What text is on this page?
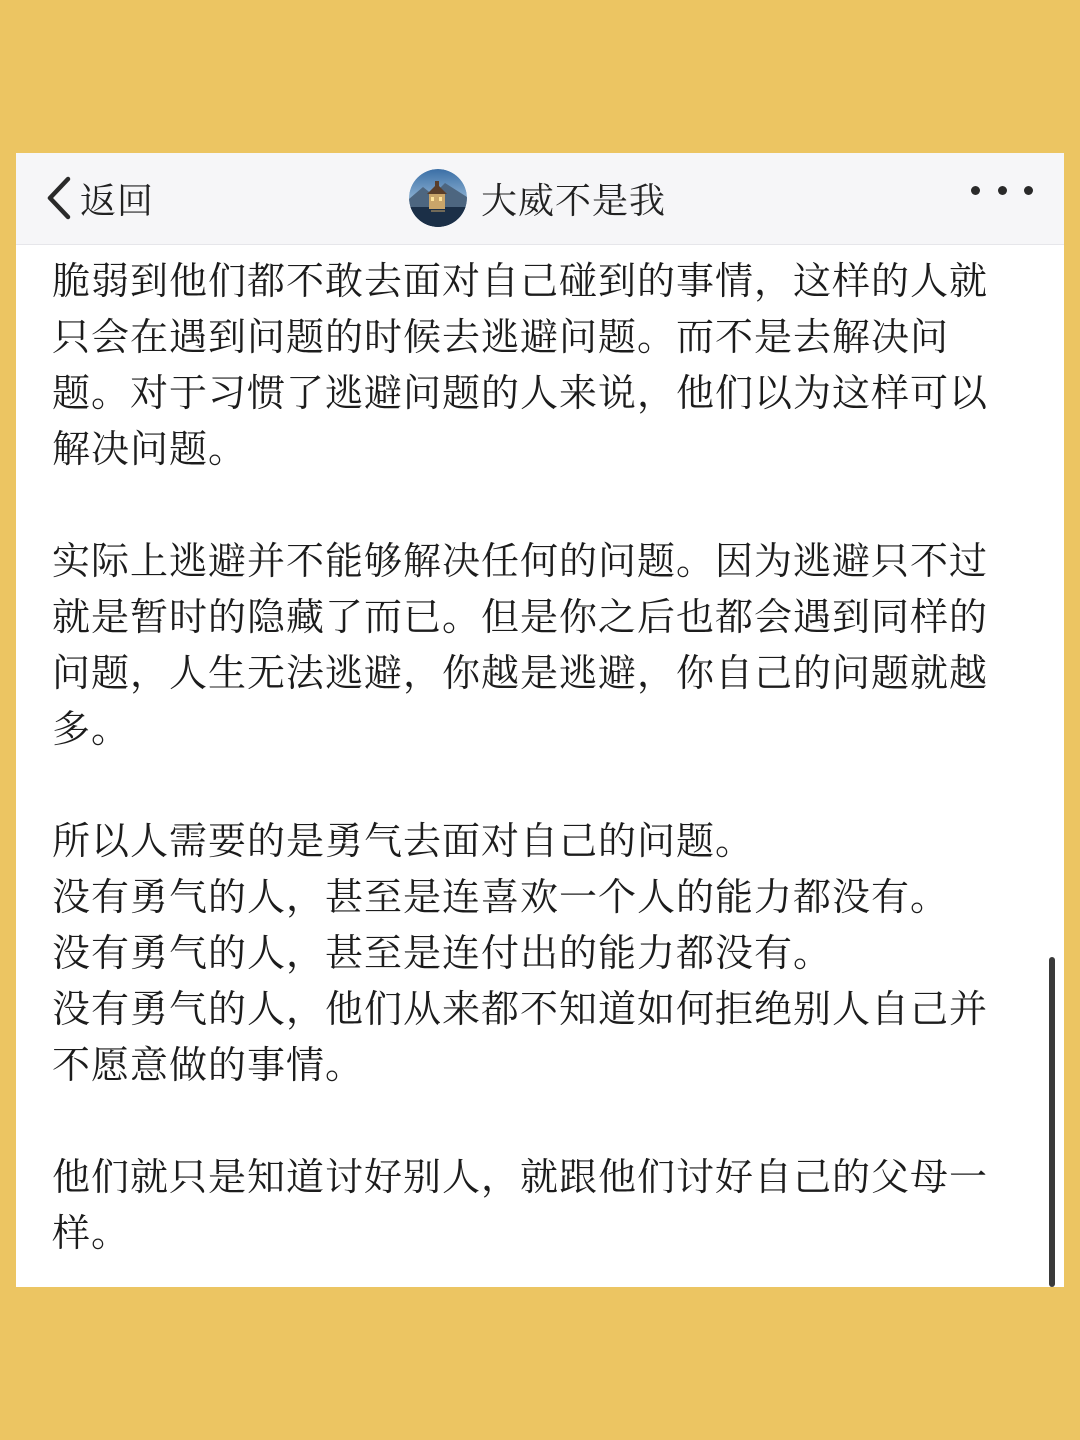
返回	大威不是我

脆弱到他们都不敢去面对自己碰到的事情，这样的人就
只会在遇到问题的时候去逃避问题。而不是去解决问
题。对于习惯了逃避问题的人来说，他们以为这样可以
解决问题。

实际上逃避并不能够解决任何的问题。因为逃避只不过
就是暂时的隐藏了而已。但是你之后也都会遇到同样的
问题，人生无法逃避，你越是逃避，你自己的问题就越
多。

所以人需要的是勇气去面对自己的问题。
没有勇气的人，甚至是连喜欢一个人的能力都没有。
没有勇气的人，甚至是连付出的能力都没有。
没有勇气的人，他们从来都不知道如何拒绝别人自己并
不愿意做的事情。

他们就只是知道讨好别人，就跟他们讨好自己的父母一
样。
